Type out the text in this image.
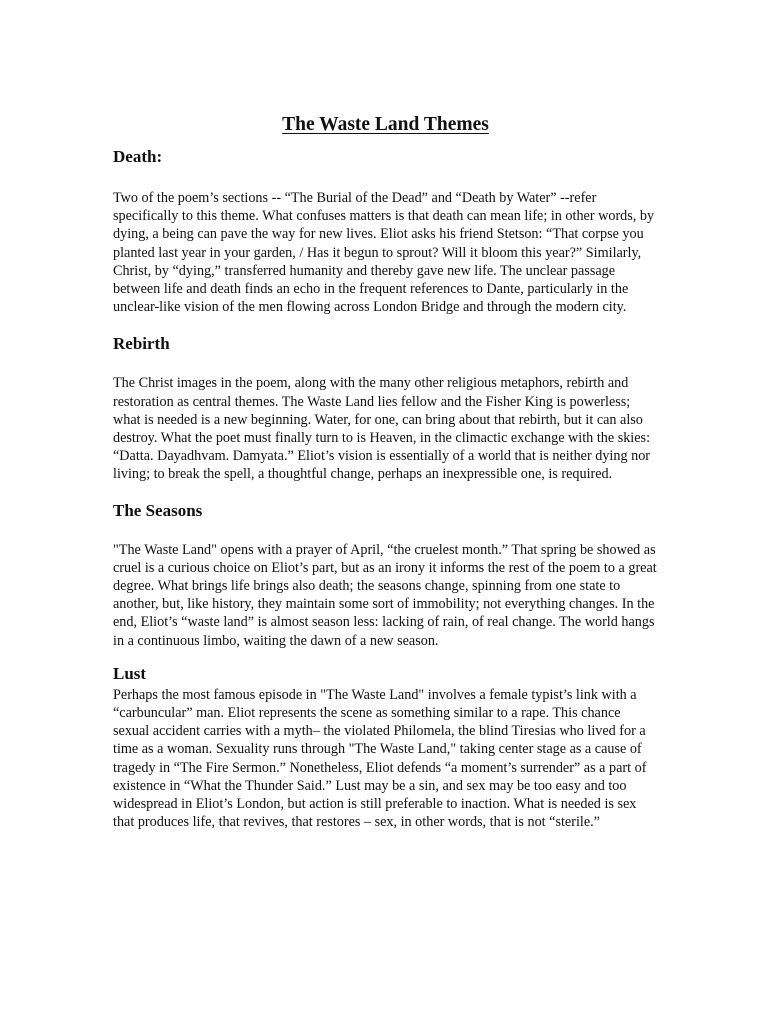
The Waste Land Themes
Death:

Two of the poem’s sections -- “The Burial of the Dead” and “Death by Water” --refer specifically to this theme. What confuses matters is that death can mean life; in other words, by dying, a being can pave the way for new lives. Eliot asks his friend Stetson: “That corpse you planted last year in your garden, / Has it begun to sprout? Will it bloom this year?” Similarly, Christ, by “dying,” transferred humanity and thereby gave new life. The unclear passage between life and death finds an echo in the frequent references to Dante, particularly in the unclear-like vision of the men flowing across London Bridge and through the modern city.

Rebirth

The Christ images in the poem, along with the many other religious metaphors, rebirth and restoration as central themes. The Waste Land lies fellow and the Fisher King is powerless; what is needed is a new beginning. Water, for one, can bring about that rebirth, but it can also destroy. What the poet must finally turn to is Heaven, in the climactic exchange with the skies: “Datta. Dayadhvam. Damyata.” Eliot’s vision is essentially of a world that is neither dying nor living; to break the spell, a thoughtful change, perhaps an inexpressible one, is required.

The Seasons

"The Waste Land" opens with a prayer of April, “the cruelest month.” That spring be showed as cruel is a curious choice on Eliot’s part, but as an irony it informs the rest of the poem to a great degree. What brings life brings also death; the seasons change, spinning from one state to another, but, like history, they maintain some sort of immobility; not everything changes. In the end, Eliot’s “waste land” is almost season less: lacking of rain, of real change. The world hangs in a continuous limbo, waiting the dawn of a new season.

Lust

Perhaps the most famous episode in "The Waste Land" involves a female typist’s link with a “carbuncular” man. Eliot represents the scene as something similar to a rape. This chance sexual accident carries with a myth– the violated Philomela, the blind Tiresias who lived for a time as a woman. Sexuality runs through "The Waste Land," taking center stage as a cause of tragedy in “The Fire Sermon.” Nonetheless, Eliot defends “a moment’s surrender” as a part of existence in “What the Thunder Said.” Lust may be a sin, and sex may be too easy and too widespread in Eliot’s London, but action is still preferable to inaction. What is needed is sex that produces life, that revives, that restores – sex, in other words, that is not “sterile.”
